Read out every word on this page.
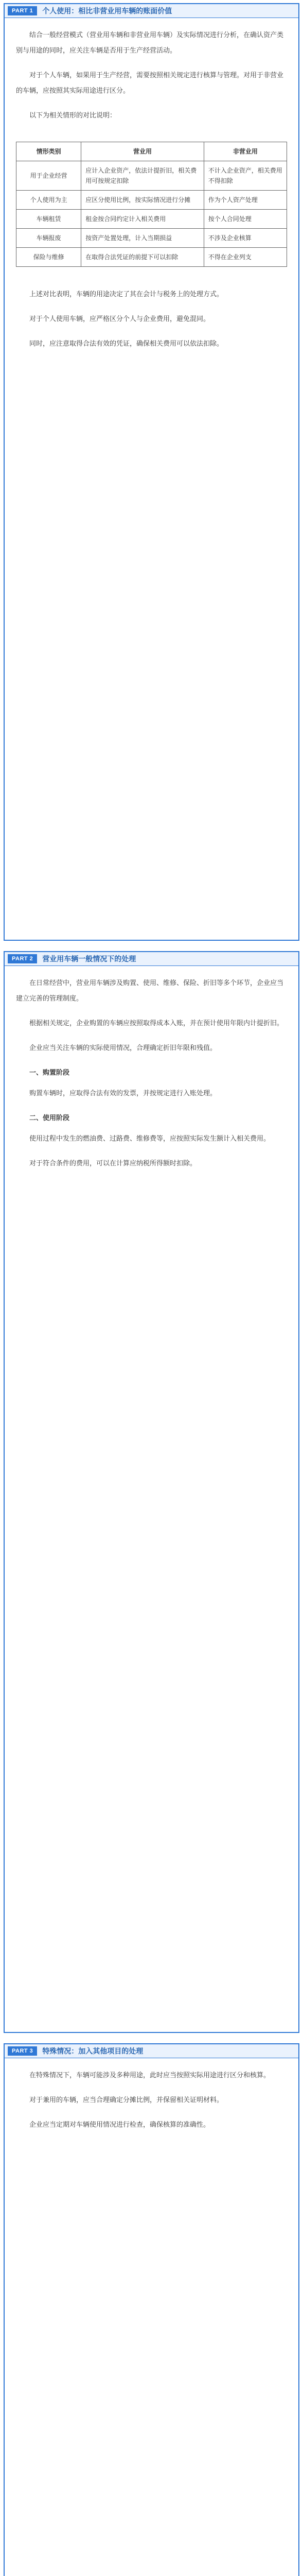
PART 1	个人使用：相比非营业用车辆的账面价值

结合一般经营模式（营业用车辆和非营业用车辆）及实际情况进行分析，在确认资产类别与用途的同时，应关注车辆是否用于生产经营活动。

对于个人车辆，如果用于生产经营，需要按照相关规定进行核算与管理。对用于非营业的车辆，应按照其实际用途进行区分。

以下为相关情形的对比说明：

情形类别	营业用	非营业用
用于企业经营	应计入企业资产，依法计提折旧，相关费用可按规定扣除	不计入企业资产，相关费用不得扣除
个人使用为主	应区分使用比例，按实际情况进行分摊	作为个人资产处理
车辆租赁	租金按合同约定计入相关费用	按个人合同处理
车辆报废	按资产处置处理，计入当期损益	不涉及企业核算
保险与维修	在取得合法凭证的前提下可以扣除	不得在企业列支

上述对比表明，车辆的用途决定了其在会计与税务上的处理方式。

对于个人使用车辆，应严格区分个人与企业费用，避免混同。

同时，应注意取得合法有效的凭证，确保相关费用可以依法扣除。

PART 2	营业用车辆一般情况下的处理

在日常经营中，营业用车辆涉及购置、使用、维修、保险、折旧等多个环节，企业应当建立完善的管理制度。

根据相关规定，企业购置的车辆应按照取得成本入账，并在预计使用年限内计提折旧。

企业应当关注车辆的实际使用情况，合理确定折旧年限和残值。

一、购置阶段

购置车辆时，应取得合法有效的发票，并按规定进行入账处理。

二、使用阶段

使用过程中发生的燃油费、过路费、维修费等，应按照实际发生额计入相关费用。

对于符合条件的费用，可以在计算应纳税所得额时扣除。

PART 3	特殊情况：加入其他项目的处理

在特殊情况下，车辆可能涉及多种用途，此时应当按照实际用途进行区分和核算。

对于兼用的车辆，应当合理确定分摊比例，并保留相关证明材料。

企业应当定期对车辆使用情况进行检查，确保核算的准确性。
